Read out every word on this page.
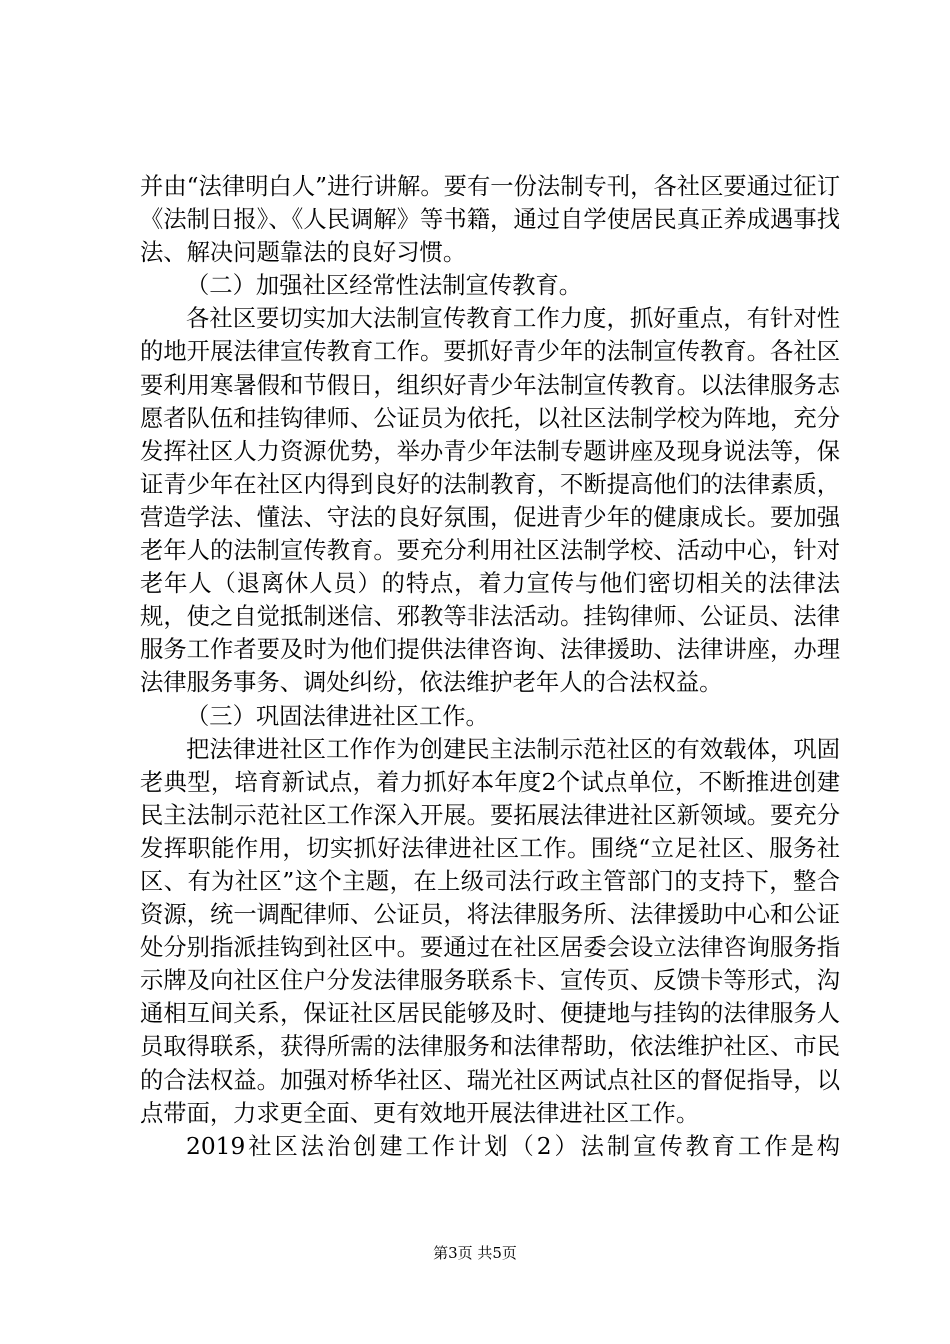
并由“法律明白人”进行讲解。要有一份法制专刊，各社区要通过征订《法制日报》、《人民调解》等书籍，通过自学使居民真正养成遇事找法、解决问题靠法的良好习惯。

（二）加强社区经常性法制宣传教育。

各社区要切实加大法制宣传教育工作力度，抓好重点，有针对性的地开展法律宣传教育工作。要抓好青少年的法制宣传教育。各社区要利用寒暑假和节假日，组织好青少年法制宣传教育。以法律服务志愿者队伍和挂钩律师、公证员为依托，以社区法制学校为阵地，充分发挥社区人力资源优势，举办青少年法制专题讲座及现身说法等，保证青少年在社区内得到良好的法制教育，不断提高他们的法律素质，营造学法、懂法、守法的良好氛围，促进青少年的健康成长。要加强老年人的法制宣传教育。要充分利用社区法制学校、活动中心，针对老年人（退离休人员）的特点，着力宣传与他们密切相关的法律法规，使之自觉抵制迷信、邪教等非法活动。挂钩律师、公证员、法律服务工作者要及时为他们提供法律咨询、法律援助、法律讲座，办理法律服务事务、调处纠纷，依法维护老年人的合法权益。

（三）巩固法律进社区工作。

把法律进社区工作作为创建民主法制示范社区的有效载体，巩固老典型，培育新试点，着力抓好本年度2个试点单位，不断推进创建民主法制示范社区工作深入开展。要拓展法律进社区新领域。要充分发挥职能作用，切实抓好法律进社区工作。围绕“立足社区、服务社区、有为社区”这个主题，在上级司法行政主管部门的支持下，整合资源，统一调配律师、公证员，将法律服务所、法律援助中心和公证处分别指派挂钩到社区中。要通过在社区居委会设立法律咨询服务指示牌及向社区住户分发法律服务联系卡、宣传页、反馈卡等形式，沟通相互间关系，保证社区居民能够及时、便捷地与挂钩的法律服务人员取得联系，获得所需的法律服务和法律帮助，依法维护社区、市民的合法权益。加强对桥华社区、瑞光社区两试点社区的督促指导，以点带面，力求更全面、更有效地开展法律进社区工作。

2019社区法治创建工作计划（2）法制宣传教育工作是构

第3页 共5页
